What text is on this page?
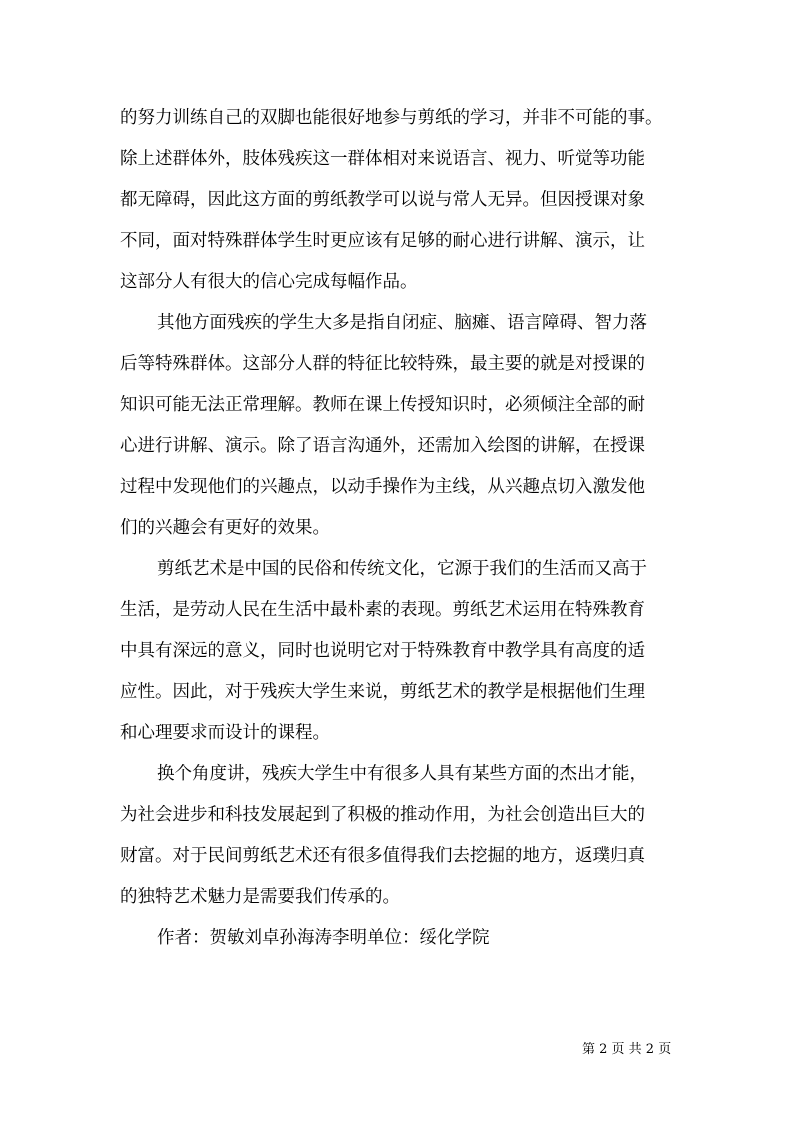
的努力训练自己的双脚也能很好地参与剪纸的学习，并非不可能的事。
除上述群体外，肢体残疾这一群体相对来说语言、视力、听觉等功能
都无障碍，因此这方面的剪纸教学可以说与常人无异。但因授课对象
不同，面对特殊群体学生时更应该有足够的耐心进行讲解、演示，让
这部分人有很大的信心完成每幅作品。
其他方面残疾的学生大多是指自闭症、脑瘫、语言障碍、智力落
后等特殊群体。这部分人群的特征比较特殊，最主要的就是对授课的
知识可能无法正常理解。教师在课上传授知识时，必须倾注全部的耐
心进行讲解、演示。除了语言沟通外，还需加入绘图的讲解，在授课
过程中发现他们的兴趣点，以动手操作为主线，从兴趣点切入激发他
们的兴趣会有更好的效果。
剪纸艺术是中国的民俗和传统文化，它源于我们的生活而又高于
生活，是劳动人民在生活中最朴素的表现。剪纸艺术运用在特殊教育
中具有深远的意义，同时也说明它对于特殊教育中教学具有高度的适
应性。因此，对于残疾大学生来说，剪纸艺术的教学是根据他们生理
和心理要求而设计的课程。
换个角度讲，残疾大学生中有很多人具有某些方面的杰出才能，
为社会进步和科技发展起到了积极的推动作用，为社会创造出巨大的
财富。对于民间剪纸艺术还有很多值得我们去挖掘的地方，返璞归真
的独特艺术魅力是需要我们传承的。
作者：贺敏刘卓孙海涛李明单位：绥化学院
第 2 页 共 2 页
